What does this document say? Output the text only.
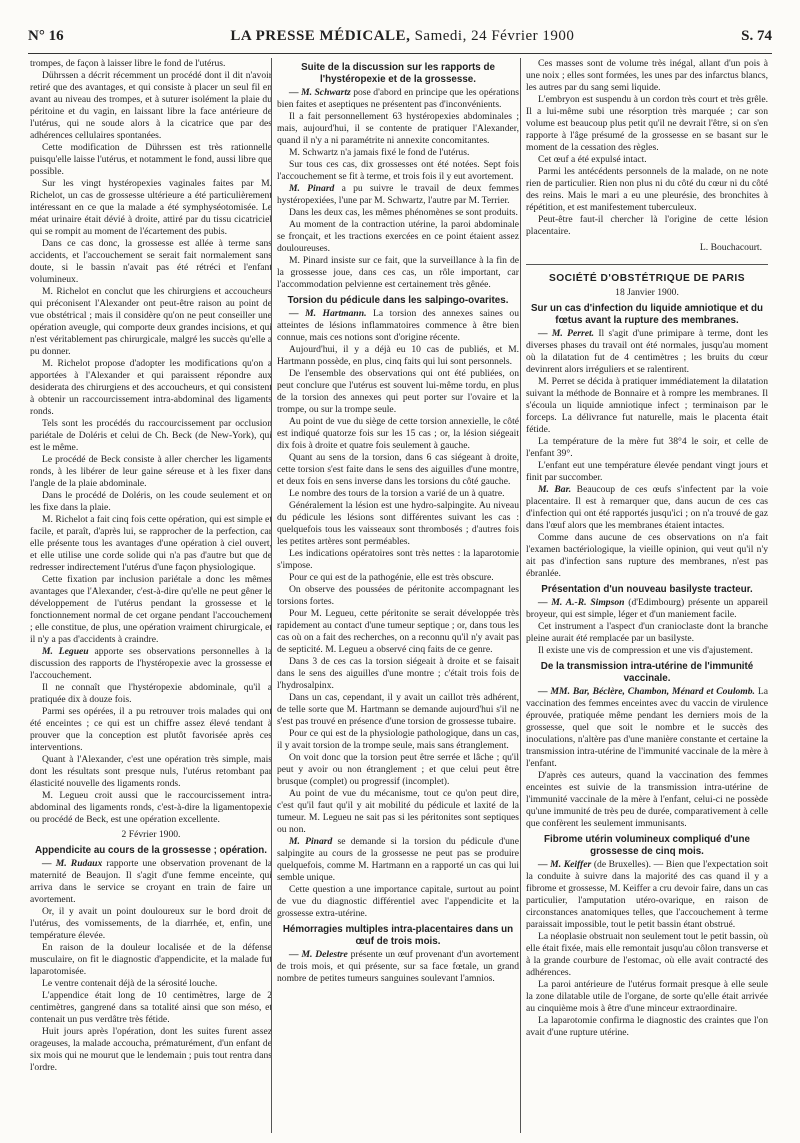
N° 16	LA PRESSE MÉDICALE, Samedi, 24 Février 1900	S. 74

trompes, de façon à laisser libre le fond de l'utérus.

Dührssen a décrit récemment un procédé dont il dit n'avoir retiré que des avantages, et qui consiste à placer un seul fil en avant au niveau des trompes, et à suturer isolément la plaie du péritoine et du vagin, en laissant libre la face antérieure de l'utérus, qui ne soude alors à la cicatrice que par des adhérences cellulaires spontanées.

Cette modification de Dührssen est très rationnelle puisqu'elle laisse l'utérus, et notamment le fond, aussi libre que possible.

Sur les vingt hystéropexies vaginales faites par M. Richelot, un cas de grossesse ultérieure a été particulièrement intéressant en ce que la malade a été symphyséotomisée. Le méat urinaire était dévié à droite, attiré par du tissu cicatriciel qui se rompit au moment de l'écartement des pubis.

Dans ce cas donc, la grossesse est allée à terme sans accidents, et l'accouchement se serait fait normalement sans doute, si le bassin n'avait pas été rétréci et l'enfant volumineux.

M. Richelot en conclut que les chirurgiens et accoucheurs qui préconisent l'Alexander ont peut-être raison au point de vue obstétrical ; mais il considère qu'on ne peut conseiller une opération aveugle, qui comporte deux grandes incisions, et qui n'est véritablement pas chirurgicale, malgré les succès qu'elle a pu donner.

M. Richelot propose d'adopter les modifications qu'on a apportées à l'Alexander et qui paraissent répondre aux desiderata des chirurgiens et des accoucheurs, et qui consistent à obtenir un raccourcissement intra-abdominal des ligaments ronds.

Tels sont les procédés du raccourcissement par occlusion pariétale de Doléris et celui de Ch. Beck (de New-York), qui est le même.

Le procédé de Beck consiste à aller chercher les ligaments ronds, à les libérer de leur gaine séreuse et à les fixer dans l'angle de la plaie abdominale.

Dans le procédé de Doléris, on les coude seulement et on les fixe dans la plaie.

M. Richelot a fait cinq fois cette opération, qui est simple et facile, et paraît, d'après lui, se rapprocher de la perfection, car elle présente tous les avantages d'une opération à ciel ouvert, et elle utilise une corde solide qui n'a pas d'autre but que de redresser indirectement l'utérus d'une façon physiologique.

Cette fixation par inclusion pariétale a donc les mêmes avantages que l'Alexander, c'est-à-dire qu'elle ne peut gêner le développement de l'utérus pendant la grossesse et le fonctionnement normal de cet organe pendant l'accouchement ; elle constitue, de plus, une opération vraiment chirurgicale, et il n'y a pas d'accidents à craindre.

M. Legueu apporte ses observations personnelles à la discussion des rapports de l'hystéropexie avec la grossesse et l'accouchement.

Il ne connaît que l'hystéropexie abdominale, qu'il a pratiquée dix à douze fois.

Parmi ses opérées, il a pu retrouver trois malades qui ont été enceintes ; ce qui est un chiffre assez élevé tendant à prouver que la conception est plutôt favorisée après ces interventions.

Quant à l'Alexander, c'est une opération très simple, mais dont les résultats sont presque nuls, l'utérus retombant par élasticité nouvelle des ligaments ronds.

M. Legueu croit aussi que le raccourcissement intra-abdominal des ligaments ronds, c'est-à-dire la ligamentopexie ou procédé de Beck, est une opération excellente.

2 Février 1900.

Appendicite au cours de la grossesse ; opération.

— M. Rudaux rapporte une observation provenant de la maternité de Beaujon. Il s'agit d'une femme enceinte, qui arriva dans le service se croyant en train de faire un avortement.

Or, il y avait un point douloureux sur le bord droit de l'utérus, des vomissements, de la diarrhée, et, enfin, une température élevée.

En raison de la douleur localisée et de la défense musculaire, on fit le diagnostic d'appendicite, et la malade fut laparotomisée.

Le ventre contenait déjà de la sérosité louche.

L'appendice était long de 10 centimètres, large de 2 centimètres, gangrené dans sa totalité ainsi que son méso, et contenait un pus verdâtre très fétide.

Huit jours après l'opération, dont les suites furent assez orageuses, la malade accoucha, prématurément, d'un enfant de six mois qui ne mourut que le lendemain ; puis tout rentra dans l'ordre.

Suite de la discussion sur les rapports de l'hystéropexie et de la grossesse.

— M. Schwartz pose d'abord en principe que les opérations bien faites et aseptiques ne présentent pas d'inconvénients.

Il a fait personnellement 63 hystéropexies abdominales ; mais, aujourd'hui, il se contente de pratiquer l'Alexander, quand il n'y a ni paramétrite ni annexite concomitantes.

M. Schwartz n'a jamais fixé le fond de l'utérus.

Sur tous ces cas, dix grossesses ont été notées. Sept fois l'accouchement se fit à terme, et trois fois il y eut avortement.

M. Pinard a pu suivre le travail de deux femmes hystéropexiées, l'une par M. Schwartz, l'autre par M. Terrier.

Dans les deux cas, les mêmes phénomènes se sont produits.

Au moment de la contraction utérine, la paroi abdominale se fronçait, et les tractions exercées en ce point étaient assez douloureuses.

M. Pinard insiste sur ce fait, que la surveillance à la fin de la grossesse joue, dans ces cas, un rôle important, car l'accommodation pelvienne est certainement très gênée.

Torsion du pédicule dans les salpingo-ovarites.

— M. Hartmann. La torsion des annexes saines ou atteintes de lésions inflammatoires commence à être bien connue, mais ces notions sont d'origine récente.

Aujourd'hui, il y a déjà eu 10 cas de publiés, et M. Hartmann possède, en plus, cinq faits qui lui sont personnels.

De l'ensemble des observations qui ont été publiées, on peut conclure que l'utérus est souvent lui-même tordu, en plus de la torsion des annexes qui peut porter sur l'ovaire et la trompe, ou sur la trompe seule.

Au point de vue du siège de cette torsion annexielle, le côté est indiqué quatorze fois sur les 15 cas ; or, la lésion siégeait dix fois à droite et quatre fois seulement à gauche.

Quant au sens de la torsion, dans 6 cas siégeant à droite, cette torsion s'est faite dans le sens des aiguilles d'une montre, et deux fois en sens inverse dans les torsions du côté gauche.

Le nombre des tours de la torsion a varié de un à quatre.

Généralement la lésion est une hydro-salpingite. Au niveau du pédicule les lésions sont différentes suivant les cas : quelquefois tous les vaisseaux sont thrombosés ; d'autres fois les petites artères sont perméables.

Les indications opératoires sont très nettes : la laparotomie s'impose.

Pour ce qui est de la pathogénie, elle est très obscure.

On observe des poussées de péritonite accompagnant les torsions fortes.

Pour M. Legueu, cette péritonite se serait développée très rapidement au contact d'une tumeur septique ; or, dans tous les cas où on a fait des recherches, on a reconnu qu'il n'y avait pas de septicité. M. Legueu a observé cinq faits de ce genre.

Dans 3 de ces cas la torsion siégeait à droite et se faisait dans le sens des aiguilles d'une montre ; c'était trois fois de l'hydrosalpinx.

Dans un cas, cependant, il y avait un caillot très adhérent, de telle sorte que M. Hartmann se demande aujourd'hui s'il ne s'est pas trouvé en présence d'une torsion de grossesse tubaire.

Pour ce qui est de la physiologie pathologique, dans un cas, il y avait torsion de la trompe seule, mais sans étranglement.

On voit donc que la torsion peut être serrée et lâche ; qu'il peut y avoir ou non étranglement ; et que celui peut être brusque (complet) ou progressif (incomplet).

Au point de vue du mécanisme, tout ce qu'on peut dire, c'est qu'il faut qu'il y ait mobilité du pédicule et laxité de la tumeur. M. Legueu ne sait pas si les péritonites sont septiques ou non.

M. Pinard se demande si la torsion du pédicule d'une salpingite au cours de la grossesse ne peut pas se produire quelquefois, comme M. Hartmann en a rapporté un cas qui lui semble unique.

Cette question a une importance capitale, surtout au point de vue du diagnostic différentiel avec l'appendicite et la grossesse extra-utérine.

Hémorragies multiples intra-placentaires dans un œuf de trois mois.

— M. Delestre présente un œuf provenant d'un avortement de trois mois, et qui présente, sur sa face fœtale, un grand nombre de petites tumeurs sanguines soulevant l'amnios.

Ces masses sont de volume très inégal, allant d'un pois à une noix ; elles sont formées, les unes par des infarctus blancs, les autres par du sang semi liquide.

L'embryon est suspendu à un cordon très court et très grêle. Il a lui-même subi une résorption très marquée ; car son volume est beaucoup plus petit qu'il ne devrait l'être, si on s'en rapporte à l'âge présumé de la grossesse en se basant sur le moment de la cessation des règles.

Cet œuf a été expulsé intact.

Parmi les antécédents personnels de la malade, on ne note rien de particulier. Rien non plus ni du côté du cœur ni du côté des reins. Mais le mari a eu une pleurésie, des bronchites à répétition, et est manifestement tuberculeux.

Peut-être faut-il chercher là l'origine de cette lésion placentaire.

L. Bouchacourt.

SOCIÉTÉ D'OBSTÉTRIQUE DE PARIS
18 Janvier 1900.
Sur un cas d'infection du liquide amniotique et du fœtus avant la rupture des membranes.

— M. Perret. Il s'agit d'une primipare à terme, dont les diverses phases du travail ont été normales, jusqu'au moment où la dilatation fut de 4 centimètres ; les bruits du cœur devinrent alors irréguliers et se ralentirent.

M. Perret se décida à pratiquer immédiatement la dilatation suivant la méthode de Bonnaire et à rompre les membranes. Il s'écoula un liquide amniotique infect ; terminaison par le forceps. La délivrance fut naturelle, mais le placenta était fétide.

La température de la mère fut 38°4 le soir, et celle de l'enfant 39°.

L'enfant eut une température élevée pendant vingt jours et finit par succomber.

M. Bar. Beaucoup de ces œufs s'infectent par la voie placentaire. Il est à remarquer que, dans aucun de ces cas d'infection qui ont été rapportés jusqu'ici ; on n'a trouvé de gaz dans l'œuf alors que les membranes étaient intactes.

Comme dans aucune de ces observations on n'a fait l'examen bactériologique, la vieille opinion, qui veut qu'il n'y ait pas d'infection sans rupture des membranes, n'est pas ébranlée.

Présentation d'un nouveau basilyste tracteur.

— M. A.-R. Simpson (d'Edimbourg) présente un appareil broyeur, qui est simple, léger et d'un maniement facile.

Cet instrument a l'aspect d'un cranioclaste dont la branche pleine aurait été remplacée par un basilyste.

Il existe une vis de compression et une vis d'ajustement.

De la transmission intra-utérine de l'immunité vaccinale.

— MM. Bar, Béclère, Chambon, Ménard et Coulomb. La vaccination des femmes enceintes avec du vaccin de virulence éprouvée, pratiquée même pendant les derniers mois de la grossesse, quel que soit le nombre et le succès des inoculations, n'altère pas d'une manière constante et certaine la transmission intra-utérine de l'immunité vaccinale de la mère à l'enfant.

D'après ces auteurs, quand la vaccination des femmes enceintes est suivie de la transmission intra-utérine de l'immunité vaccinale de la mère à l'enfant, celui-ci ne possède qu'une immunité de très peu de durée, comparativement à celle que confèrent les seulement immunisants.

Fibrome utérin volumineux compliqué d'une grossesse de cinq mois.

— M. Keiffer (de Bruxelles). — Bien que l'expectation soit la conduite à suivre dans la majorité des cas quand il y a fibrome et grossesse, M. Keiffer a cru devoir faire, dans un cas particulier, l'amputation utéro-ovarique, en raison de circonstances anatomiques telles, que l'accouchement à terme paraissait impossible, tout le petit bassin étant obstrué.

La néoplasie obstruait non seulement tout le petit bassin, où elle était fixée, mais elle remontait jusqu'au côlon transverse et à la grande courbure de l'estomac, où elle avait contracté des adhérences.

La paroi antérieure de l'utérus formait presque à elle seule la zone dilatable utile de l'organe, de sorte qu'elle était arrivée au cinquième mois à être d'une minceur extraordinaire.

La laparotomie confirma le diagnostic des craintes que l'on avait d'une rupture utérine.
